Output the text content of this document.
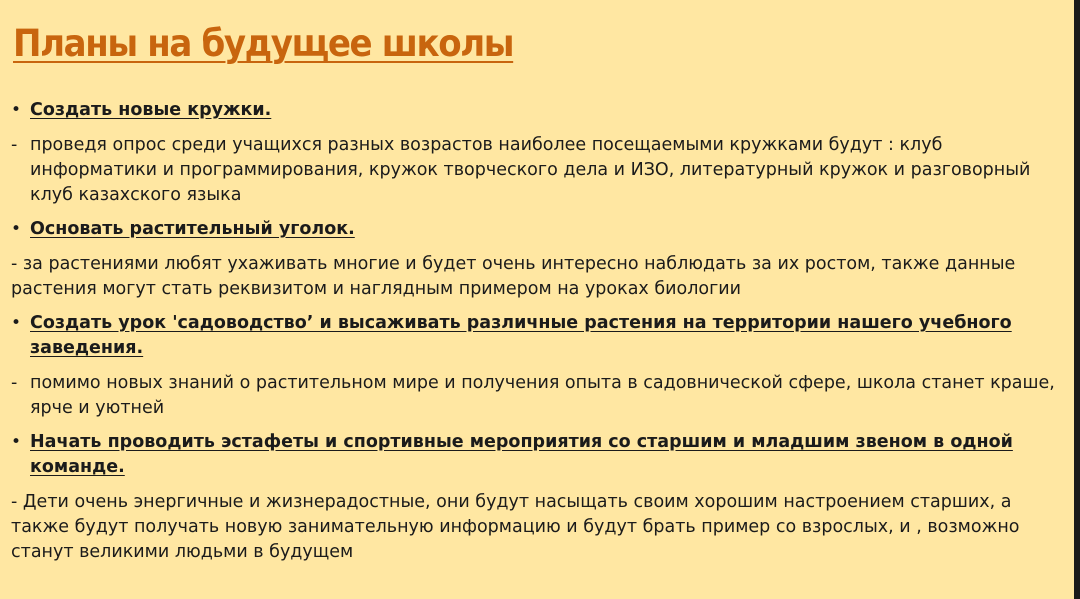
Планы на будущее школы
• Создать новые кружки.
- проведя опрос среди учащихся разных возрастов наиболее посещаемыми кружками будут : клуб информатики и программирования, кружок творческого дела и ИЗО, литературный кружок и разговорный клуб казахского языка
• Основать растительный уголок.
- за растениями любят ухаживать многие и будет очень интересно наблюдать за их ростом, также данные растения могут стать реквизитом и наглядным примером на уроках биологии
• Создать урок 'садоводство’ и высаживать различные растения на территории нашего учебного заведения.
- помимо новых знаний о растительном мире и получения опыта в садовнической сфере, школа станет краше, ярче и уютней
• Начать проводить эстафеты и спортивные мероприятия со старшим и младшим звеном в одной команде.
- Дети очень энергичные и жизнерадостные, они будут насыщать своим хорошим настроением старших, а также будут получать новую занимательную информацию и будут брать пример со взрослых, и , возможно станут великими людьми в будущем
